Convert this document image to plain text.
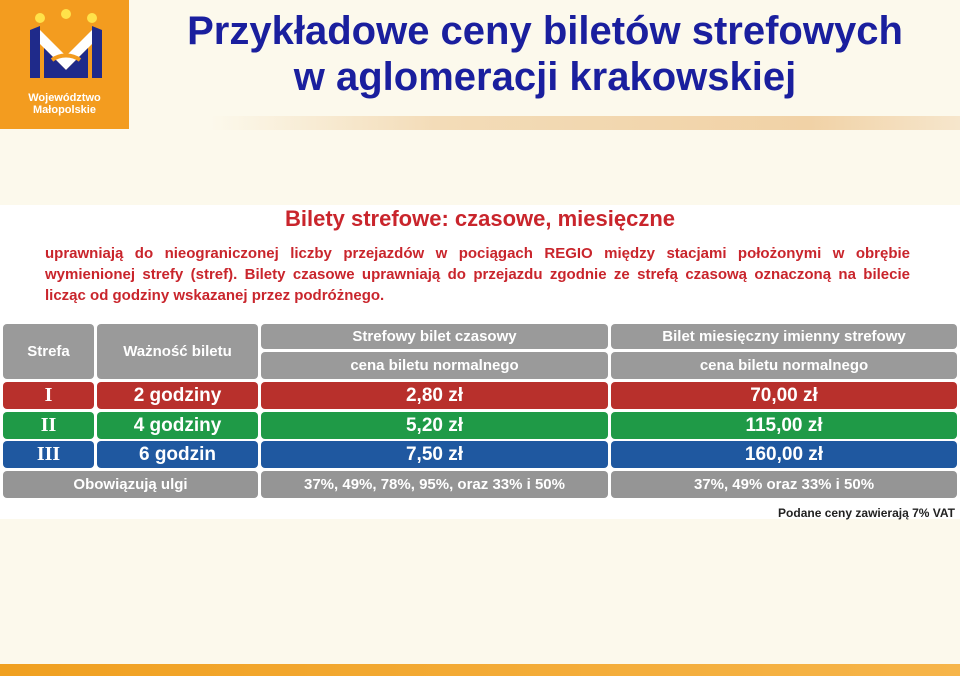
Województwo
Małopolskie
Przykładowe ceny biletów strefowych
w aglomeracji krakowskiej
Bilety strefowe: czasowe, miesięczne
uprawniają do nieograniczonej liczby przejazdów w pociągach REGIO między stacjami położonymi w obrębie wymienionej strefy (stref). Bilety czasowe uprawniają do przejazdu zgodnie ze strefą czasową oznaczoną na bilecie licząc od godziny wskazanej przez podróżnego.
Strefa	Ważność biletu
Strefowy bilet czasowy	Bilet miesięczny imienny strefowy
cena biletu normalnego	cena biletu normalnego
I	2 godziny	2,80 zł	70,00 zł
II	4 godziny	5,20 zł	115,00 zł
III	6 godzin	7,50 zł	160,00 zł
Obowiązują ulgi	37%, 49%, 78%, 95%, oraz 33% i 50%	37%, 49% oraz 33% i 50%
Podane ceny zawierają 7% VAT
